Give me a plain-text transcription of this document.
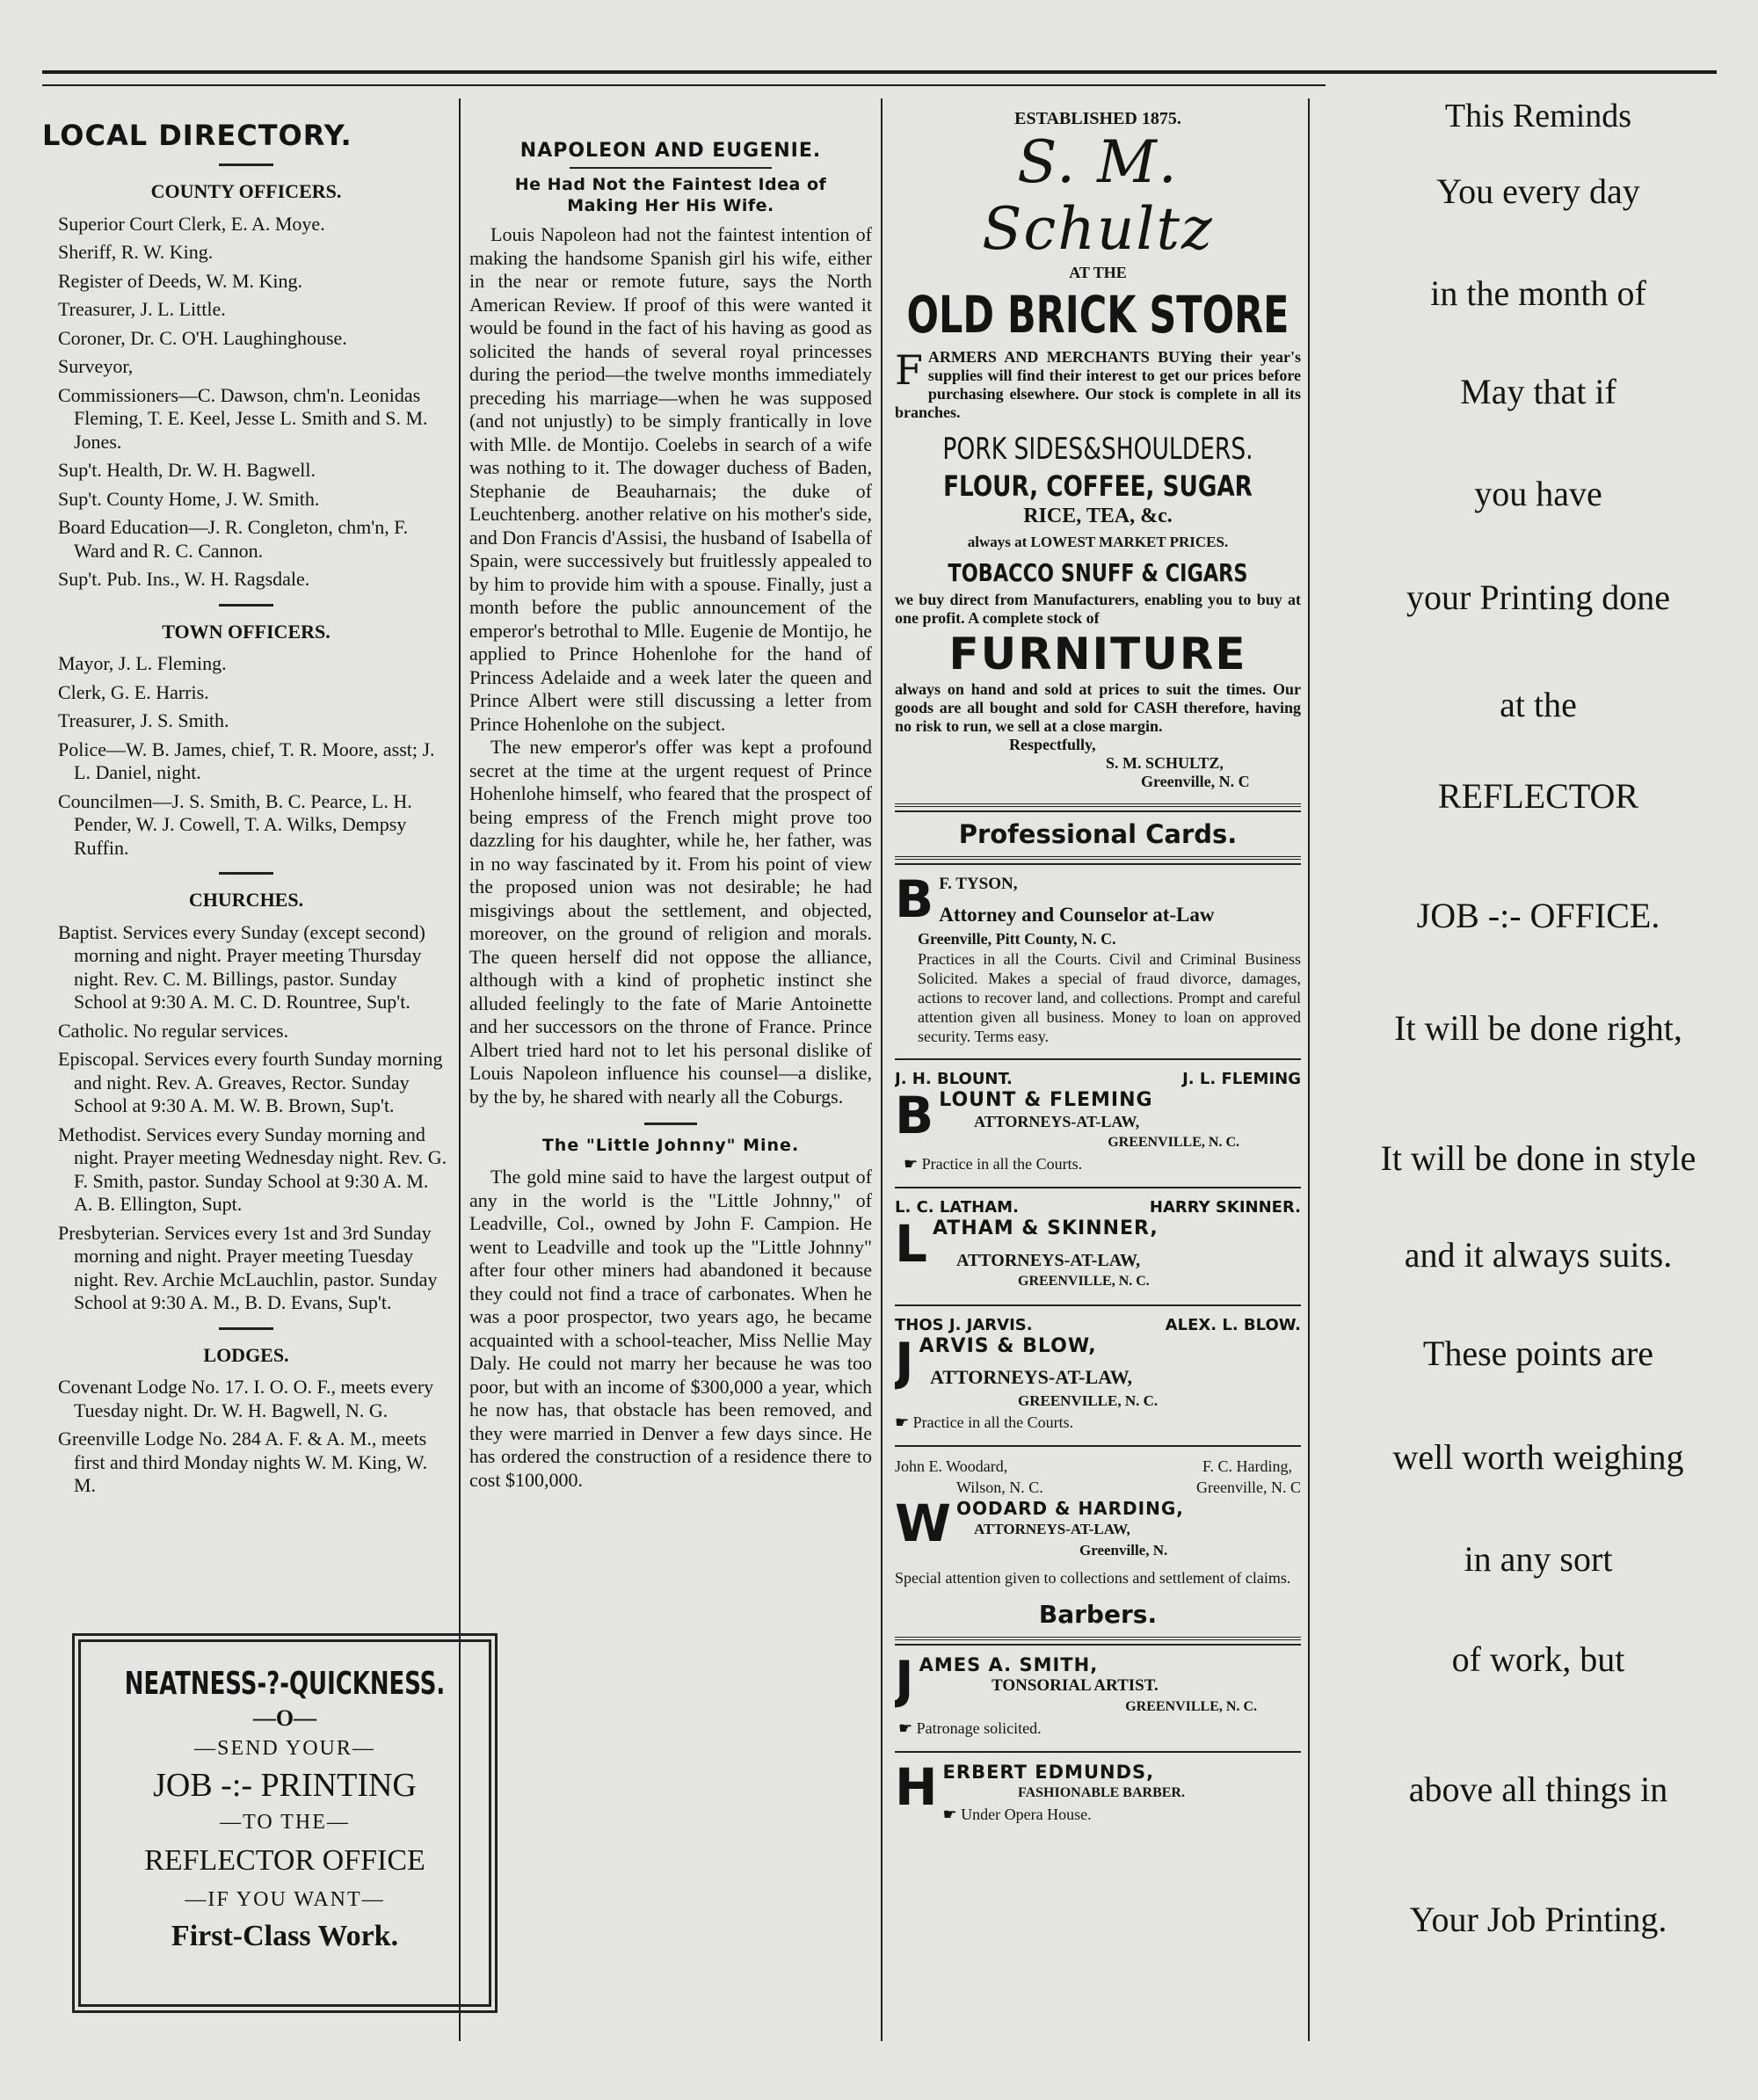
LOCAL DIRECTORY.

COUNTY OFFICERS.

Superior Court Clerk, E. A. Moye.

Sheriff, R. W. King.

Register of Deeds, W. M. King.

Treasurer, J. L. Little.

Coroner, Dr. C. O'H. Laughinghouse.

Surveyor,

Commissioners—C. Dawson, chm'n. Leonidas Fleming, T. E. Keel, Jesse L. Smith and S. M. Jones.

Sup't. Health, Dr. W. H. Bagwell.

Sup't. County Home, J. W. Smith.

Board Education—J. R. Congleton, chm'n, F. Ward and R. C. Cannon.

Sup't. Pub. Ins., W. H. Ragsdale.

TOWN OFFICERS.

Mayor, J. L. Fleming.

Clerk, G. E. Harris.

Treasurer, J. S. Smith.

Police—W. B. James, chief, T. R. Moore, asst; J. L. Daniel, night.

Councilmen—J. S. Smith, B. C. Pearce, L. H. Pender, W. J. Cowell, T. A. Wilks, Dempsy Ruffin.

CHURCHES.

Baptist. Services every Sunday (except second) morning and night. Prayer meeting Thursday night. Rev. C. M. Billings, pastor. Sunday School at 9:30 A. M. C. D. Rountree, Sup't.

Catholic. No regular services.

Episcopal. Services every fourth Sunday morning and night. Rev. A. Greaves, Rector. Sunday School at 9:30 A. M. W. B. Brown, Sup't.

Methodist. Services every Sunday morning and night. Prayer meeting Wednesday night. Rev. G. F. Smith, pastor. Sunday School at 9:30 A. M. A. B. Ellington, Supt.

Presbyterian. Services every 1st and 3rd Sunday morning and night. Prayer meeting Tuesday night. Rev. Archie McLauchlin, pastor. Sunday School at 9:30 A. M., B. D. Evans, Sup't.

LODGES.

Covenant Lodge No. 17. I. O. O. F., meets every Tuesday night. Dr. W. H. Bagwell, N. G.

Greenville Lodge No. 284 A. F. & A. M., meets first and third Monday nights W. M. King, W. M.

NEATNESS-?-QUICKNESS.

—O—

—SEND YOUR—

JOB -:- PRINTING

—TO THE—

REFLECTOR OFFICE

—IF YOU WANT—

First-Class Work.

NAPOLEON AND EUGENIE.

He Had Not the Faintest Idea of Making Her His Wife.

Louis Napoleon had not the faintest intention of making the handsome Spanish girl his wife, either in the near or remote future, says the North American Review. If proof of this were wanted it would be found in the fact of his having as good as solicited the hands of several royal princesses during the period—the twelve months immediately preceding his marriage—when he was supposed (and not unjustly) to be simply frantically in love with Mlle. de Montijo. Coelebs in search of a wife was nothing to it. The dowager duchess of Baden, Stephanie de Beauharnais; the duke of Leuchtenberg. another relative on his mother's side, and Don Francis d'Assisi, the husband of Isabella of Spain, were successively but fruitlessly appealed to by him to provide him with a spouse. Finally, just a month before the public announcement of the emperor's betrothal to Mlle. Eugenie de Montijo, he applied to Prince Hohenlohe for the hand of Princess Adelaide and a week later the queen and Prince Albert were still discussing a letter from Prince Hohenlohe on the subject.

The new emperor's offer was kept a profound secret at the time at the urgent request of Prince Hohenlohe himself, who feared that the prospect of being empress of the French might prove too dazzling for his daughter, while he, her father, was in no way fascinated by it. From his point of view the proposed union was not desirable; he had misgivings about the settlement, and objected, moreover, on the ground of religion and morals. The queen herself did not oppose the alliance, although with a kind of prophetic instinct she alluded feelingly to the fate of Marie Antoinette and her successors on the throne of France. Prince Albert tried hard not to let his personal dislike of Louis Napoleon influence his counsel—a dislike, by the by, he shared with nearly all the Coburgs.

The "Little Johnny" Mine.

The gold mine said to have the largest output of any in the world is the "Little Johnny," of Leadville, Col., owned by John F. Campion. He went to Leadville and took up the "Little Johnny" after four other miners had abandoned it because they could not find a trace of carbonates. When he was a poor prospector, two years ago, he became acquainted with a school-teacher, Miss Nellie May Daly. He could not marry her because he was too poor, but with an income of $300,000 a year, which he now has, that obstacle has been removed, and they were married in Denver a few days since. He has ordered the construction of a residence there to cost $100,000.

ESTABLISHED 1875.

S. M. Schultz

AT THE

OLD BRICK STORE

F ARMERS AND MERCHANTS BUYing their year's supplies will find their interest to get our prices before purchasing elsewhere. Our stock is complete in all its branches.

PORK SIDES&SHOULDERS.

FLOUR, COFFEE, SUGAR

RICE, TEA, &c.

always at LOWEST MARKET PRICES.

TOBACCO SNUFF & CIGARS

we buy direct from Manufacturers, enabling you to buy at one profit. A complete stock of

FURNITURE

always on hand and sold at prices to suit the times. Our goods are all bought and sold for CASH therefore, having no risk to run, we sell at a close margin.

Respectfully,

S. M. SCHULTZ,

Greenville, N. C

Professional Cards.

B F. TYSON,

Attorney and Counselor at-Law

Greenville, Pitt County, N. C.

Practices in all the Courts. Civil and Criminal Business Solicited. Makes a special of fraud divorce, damages, actions to recover land, and collections. Prompt and careful attention given all business. Money to loan on approved security. Terms easy.

J. H. BLOUNT.	J. L. FLEMING
B LOUNT & FLEMING

ATTORNEYS-AT-LAW,

GREENVILLE, N. C.

☛ Practice in all the Courts.

L. C. LATHAM.	HARRY SKINNER.
L ATHAM & SKINNER,

ATTORNEYS-AT-LAW,

GREENVILLE, N. C.

THOS J. JARVIS.	ALEX. L. BLOW.
J ARVIS & BLOW,

ATTORNEYS-AT-LAW,

GREENVILLE, N. C.

☛ Practice in all the Courts.

John E. Woodard,	F. C. Harding,
Wilson, N. C.	Greenville, N. C
W OODARD & HARDING,

ATTORNEYS-AT-LAW,

Greenville, N.

Special attention given to collections and settlement of claims.

Barbers.

J AMES A. SMITH,

TONSORIAL ARTIST.

GREENVILLE, N. C.

☛ Patronage solicited.

H ERBERT EDMUNDS,

FASHIONABLE BARBER.

☛ Under Opera House.

This Reminds

You every day

in the month of

May that if

you have

your Printing done

at the

REFLECTOR

JOB -:- OFFICE.

It will be done right,

It will be done in style

and it always suits.

These points are

well worth weighing

in any sort

of work, but

above all things in

Your Job Printing.
